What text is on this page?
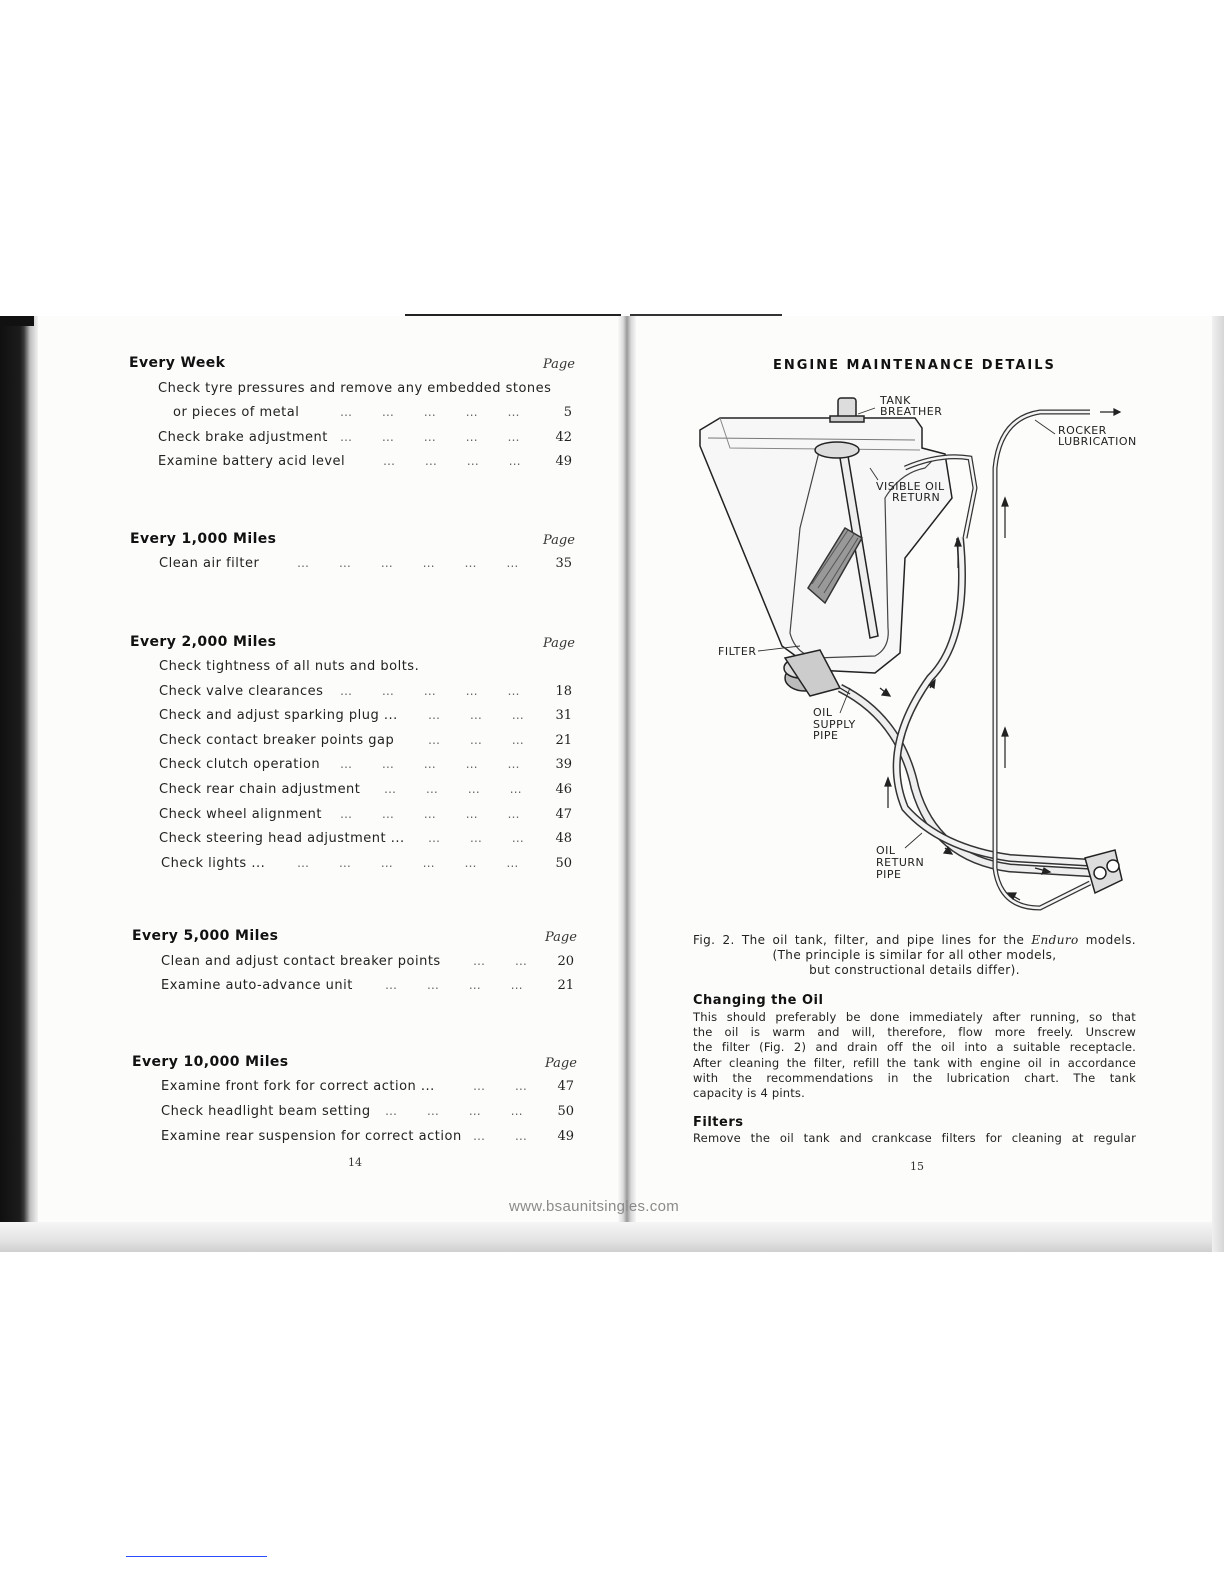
Every Week	Page
Check tyre pressures and remove any embedded stones
or pieces of metal	…      …      …      …      …	5
Check brake adjustment …      …      …      …      …	42
Examine battery acid level	…      …      …      …	49
Every 1,000 Miles	Page
Clean air filter	…      …      …      …      …      …	35
Every 2,000 Miles	Page
Check tightness of all nuts and bolts.
Check valve clearances …      …      …      …      …	18
Check and adjust sparking plug ...	…      …      …	31
Check contact breaker points gap	…      …      …	21
Check clutch operation …      …      …      …      …	39
Check rear chain adjustment …      …      …      …	46
Check wheel alignment …      …      …      …      …	47
Check steering head adjustment ... …      …      …	48
Check lights ...	…      …      …      …      …      …	50
Every 5,000 Miles	Page
Clean and adjust contact breaker points	…      …	20
Examine auto-advance unit	…      …      …      …	21
Every 10,000 Miles	Page
Examine front fork for correct action ...	…      …	47
Check headlight beam setting …      …      …      …	50
Examine rear suspension for correct action …      …	49
14
ENGINE MAINTENANCE DETAILS
TANK
BREATHER
ROCKER
LUBRICATION
VISIBLE OIL
RETURN
FILTER
OIL
SUPPLY
PIPE
OIL
RETURN
PIPE
Fig. 2. The oil tank, filter, and pipe lines for the Enduro models.
(The principle is similar for all other models,
but constructional details differ).
Changing the Oil
This should preferably be done immediately after running, so that
the oil is warm and will, therefore, flow more freely. Unscrew
the filter (Fig. 2) and drain off the oil into a suitable receptacle.
After cleaning the filter, refill the tank with engine oil in accordance
with the recommendations in the lubrication chart. The tank
capacity is 4 pints.
Filters
Remove the oil tank and crankcase filters for cleaning at regular
15
www.bsaunitsingles.com
